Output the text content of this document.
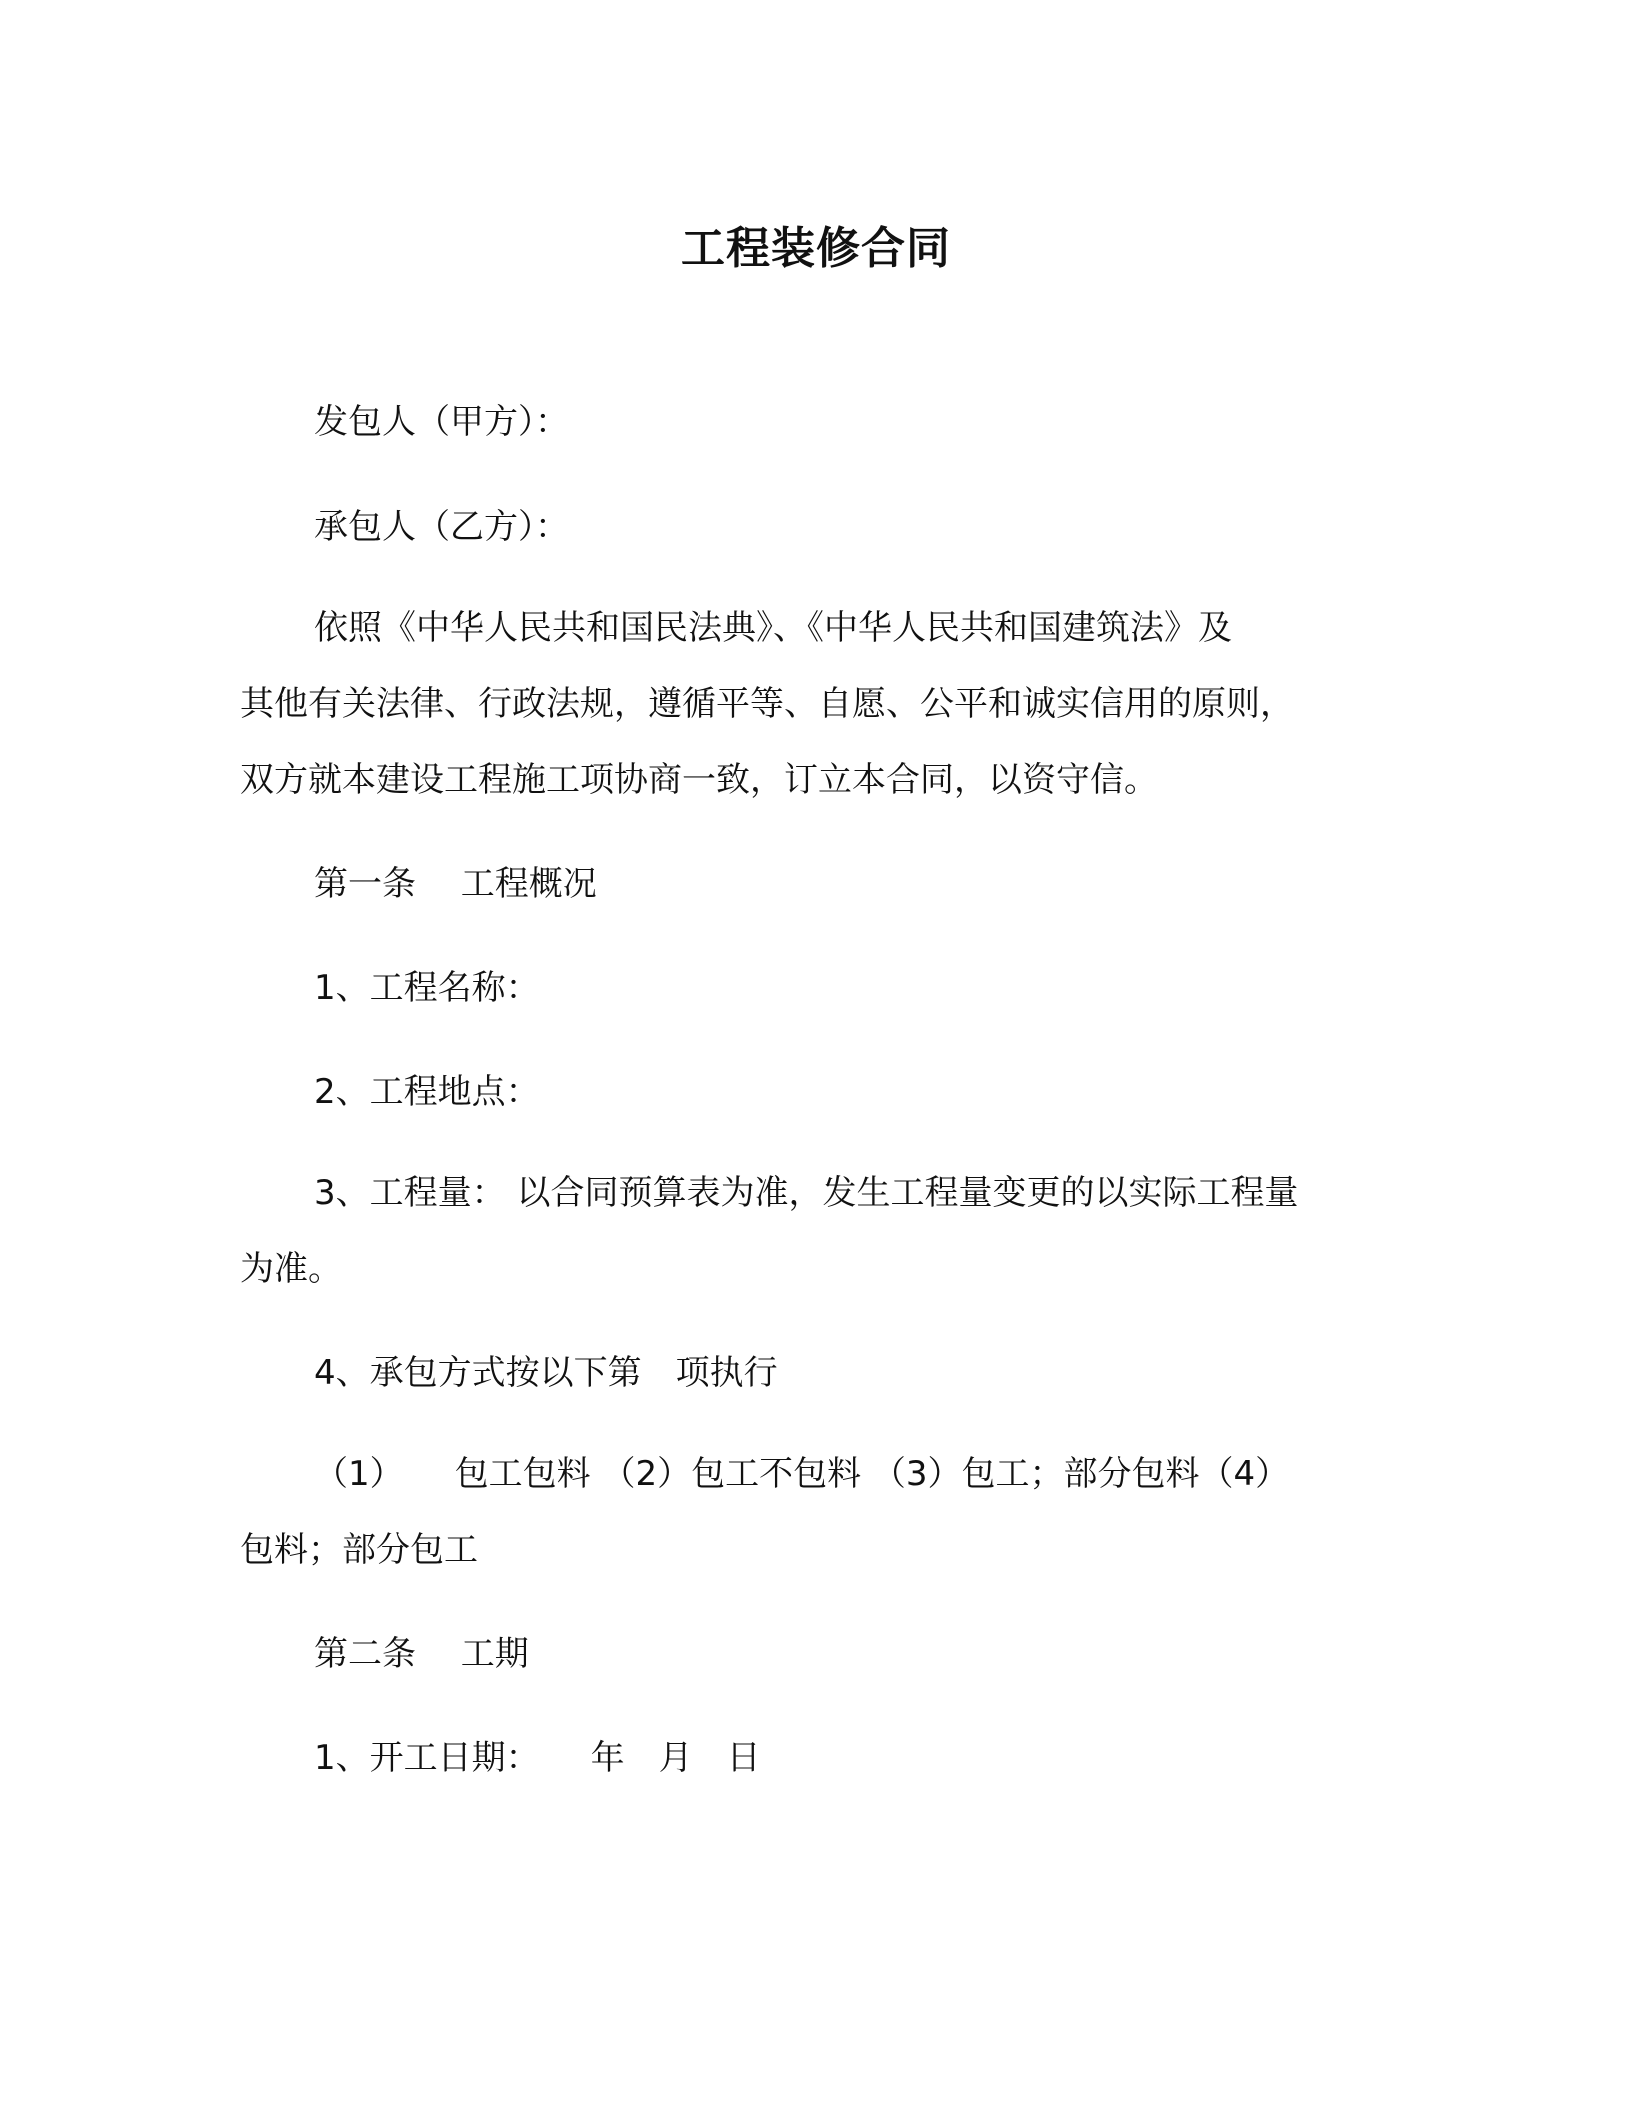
工程装修合同
发包人（甲方）：
承包人（乙方）：
依照《中华人民共和国民法典》、《中华人民共和国建筑法》及
其他有关法律、行政法规，遵循平等、自愿、公平和诚实信用的原则，
双方就本建设工程施工项协商一致，订立本合同，以资守信。
第一条　 工程概况
1、工程名称：
2、工程地点：
3、工程量： 以合同预算表为准，发生工程量变更的以实际工程量
为准。
4、承包方式按以下第　项执行
（1）　　包工包料 （2）包工不包料 （3）包工；部分包料（4）
包料；部分包工
第二条　 工期
1、开工日期：　　年　月　日
